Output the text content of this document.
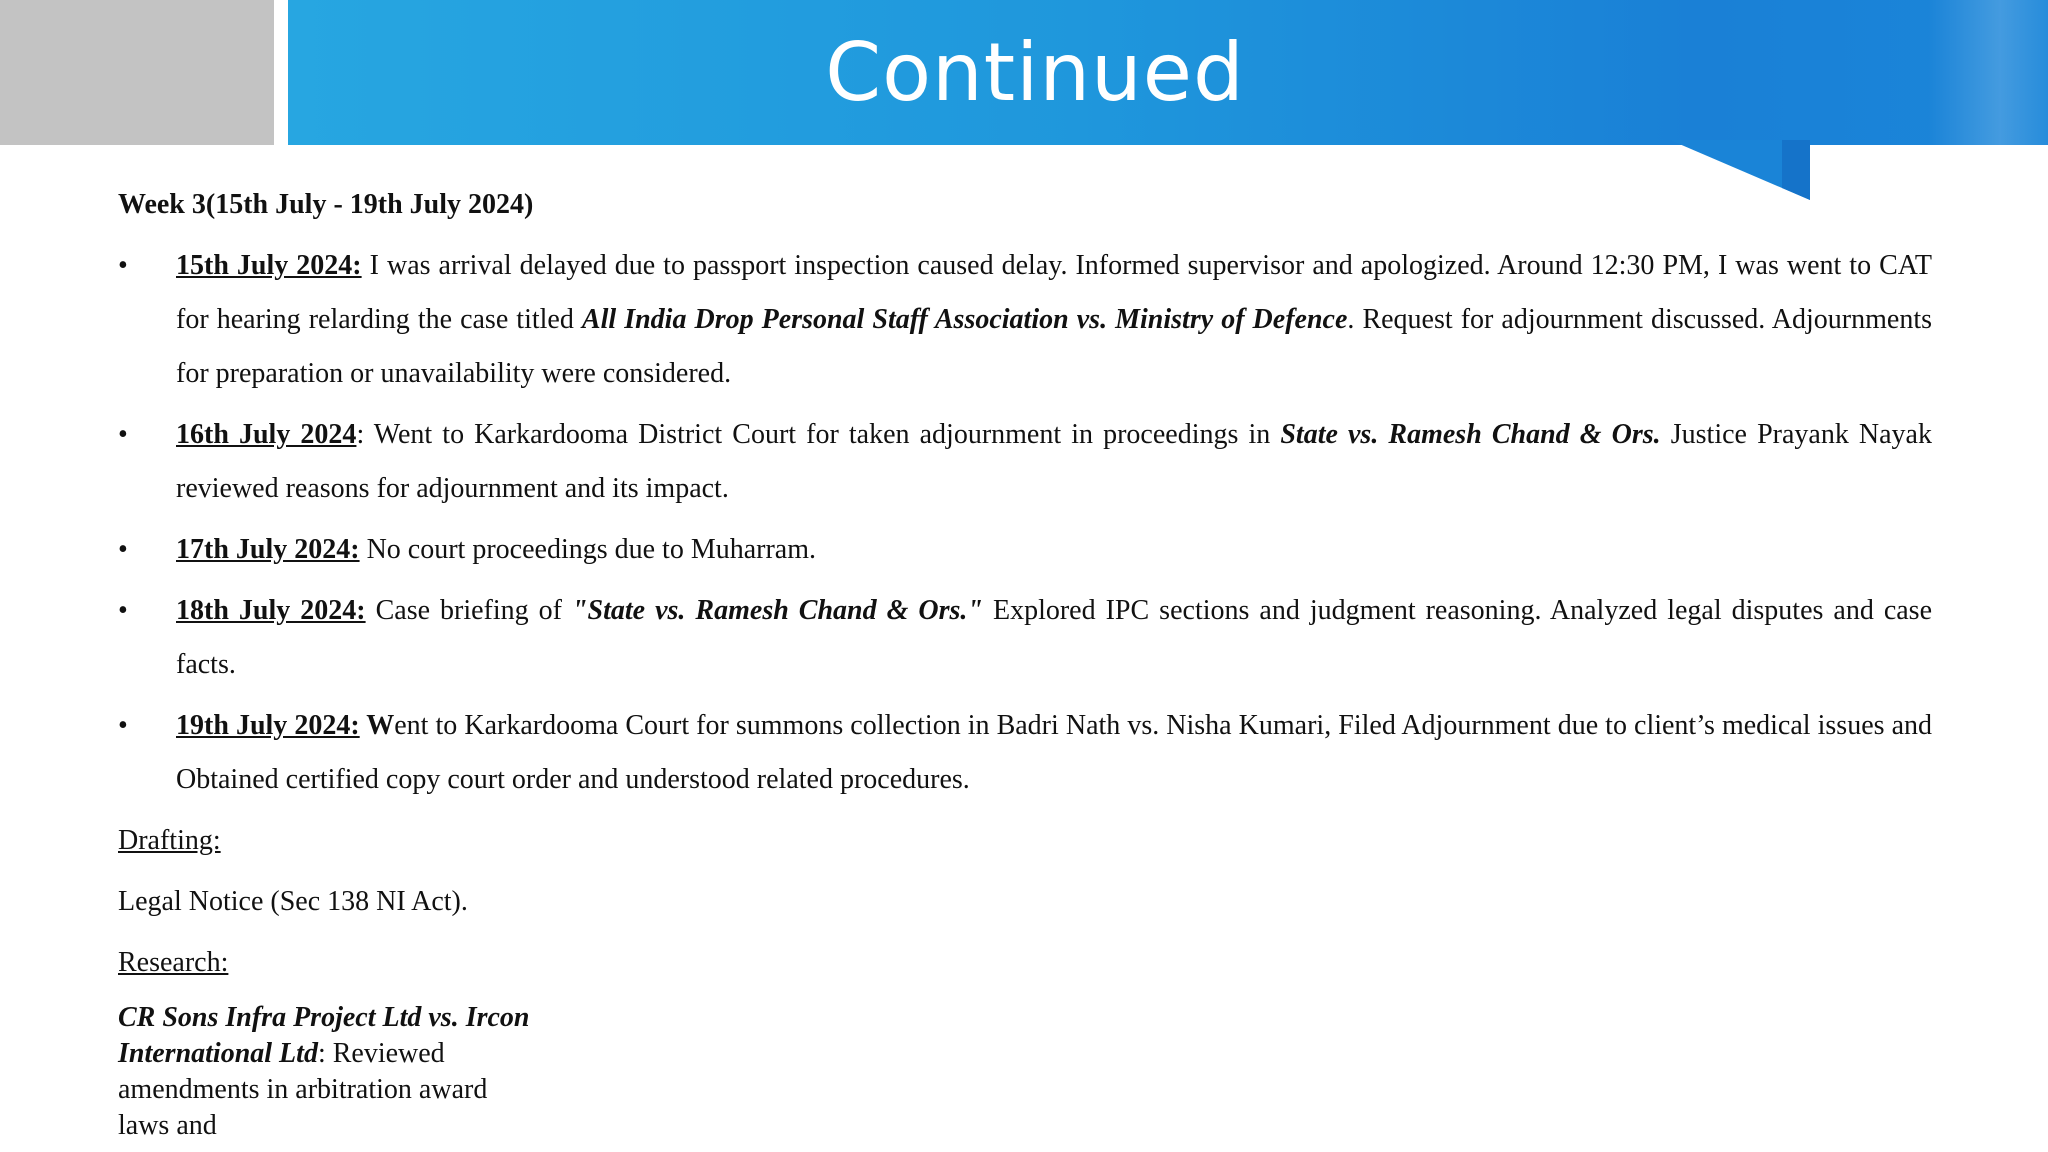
Continued

Week 3(15th July - 19th July 2024)

•	15th July 2024: I was arrival delayed due to passport inspection caused delay. Informed supervisor and apologized. Around 12:30 PM, I was went to CAT for hearing relarding the case titled All India Drop Personal Staff Association vs. Ministry of Defence. Request for adjournment discussed. Adjournments for preparation or unavailability were considered.
•	16th July 2024: Went to Karkardooma District Court for taken adjournment in proceedings in State vs. Ramesh Chand & Ors. Justice Prayank Nayak reviewed reasons for adjournment and its impact.
•	17th July 2024: No court proceedings due to Muharram.
•	18th July 2024: Case briefing of "State vs. Ramesh Chand & Ors." Explored IPC sections and judgment reasoning. Analyzed legal disputes and case facts.
•	19th July 2024: Went to Karkardooma Court for summons collection in Badri Nath vs. Nisha Kumari, Filed Adjournment due to client’s medical issues and Obtained certified copy court order and understood related procedures.

Drafting:

Legal Notice (Sec 138 NI Act).

Research:

CR Sons Infra Project Ltd vs. Ircon International Ltd: Reviewed amendments in arbitration award laws and
